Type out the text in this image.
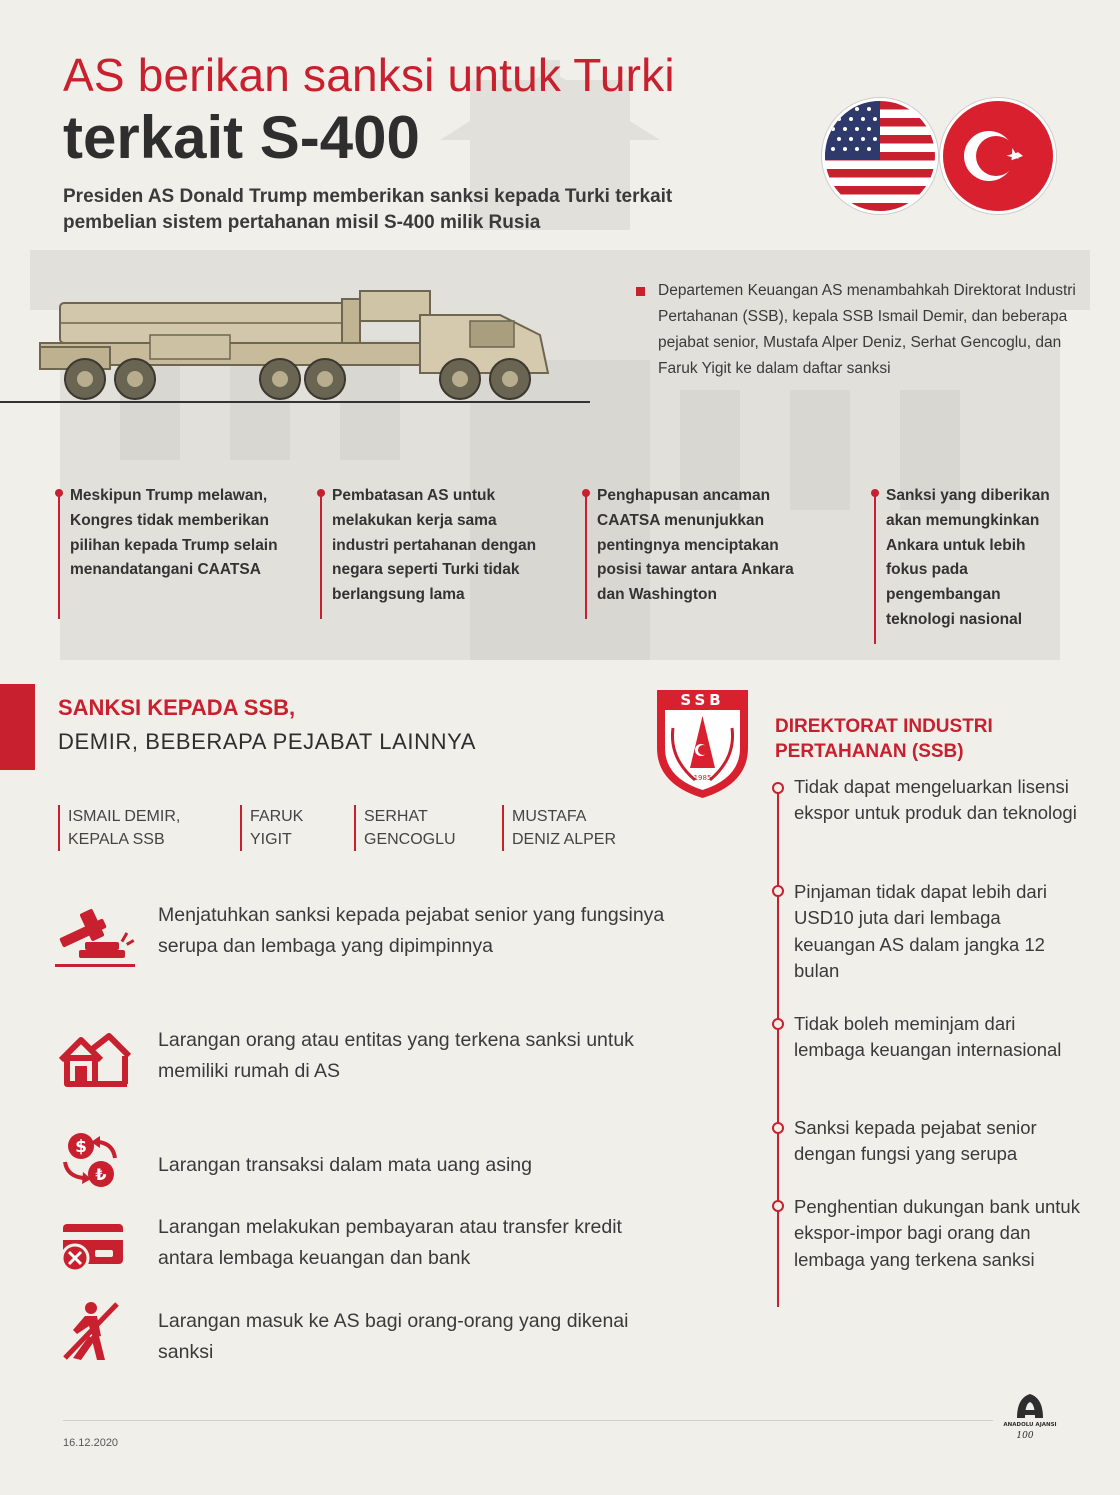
AS berikan sanksi untuk Turki
terkait S-400
Presiden AS Donald Trump memberikan sanksi kepada Turki terkait pembelian sistem pertahanan misil S-400 milik Rusia

Departemen Keuangan AS menambahkah Direktorat Industri Pertahanan (SSB), kepala SSB Ismail Demir, dan beberapa pejabat senior, Mustafa Alper Deniz, Serhat Gencoglu, dan Faruk Yigit ke dalam daftar sanksi

Meskipun Trump melawan, Kongres tidak memberikan pilihan kepada Trump selain menandatangani CAATSA

Pembatasan AS untuk melakukan kerja sama industri pertahanan dengan negara seperti Turki tidak berlangsung lama

Penghapusan ancaman CAATSA menunjukkan pentingnya menciptakan posisi tawar antara Ankara dan Washington

Sanksi yang diberikan akan memungkinkan Ankara untuk lebih fokus pada pengembangan teknologi nasional

SANKSI KEPADA SSB,
DEMIR, BEBERAPA PEJABAT LAINNYA
ISMAIL DEMIR,
KEPALA SSB
FARUK
YIGIT
SERHAT
GENCOGLU
MUSTAFA
DENIZ ALPER
Menjatuhkan sanksi kepada pejabat senior yang fungsinya serupa dan lembaga yang dipimpinnya
Larangan orang atau entitas yang terkena sanksi untuk memiliki rumah di AS
$
₺	Larangan transaksi dalam mata uang asing
Larangan melakukan pembayaran atau transfer kredit antara lembaga keuangan dan bank
Larangan masuk ke AS bagi orang-orang yang dikenai sanksi
SSB
1985
DIREKTORAT INDUSTRI PERTAHANAN (SSB)
Tidak dapat mengeluarkan lisensi ekspor untuk produk dan teknologi
Pinjaman tidak dapat lebih dari USD10 juta dari lembaga keuangan AS dalam jangka 12 bulan
Tidak boleh meminjam dari lembaga keuangan internasional
Sanksi kepada pejabat senior dengan fungsi yang serupa
Penghentian dukungan bank untuk ekspor-impor bagi orang dan lembaga yang terkena sanksi
16.12.2020
ANADOLU AJANSI
100
